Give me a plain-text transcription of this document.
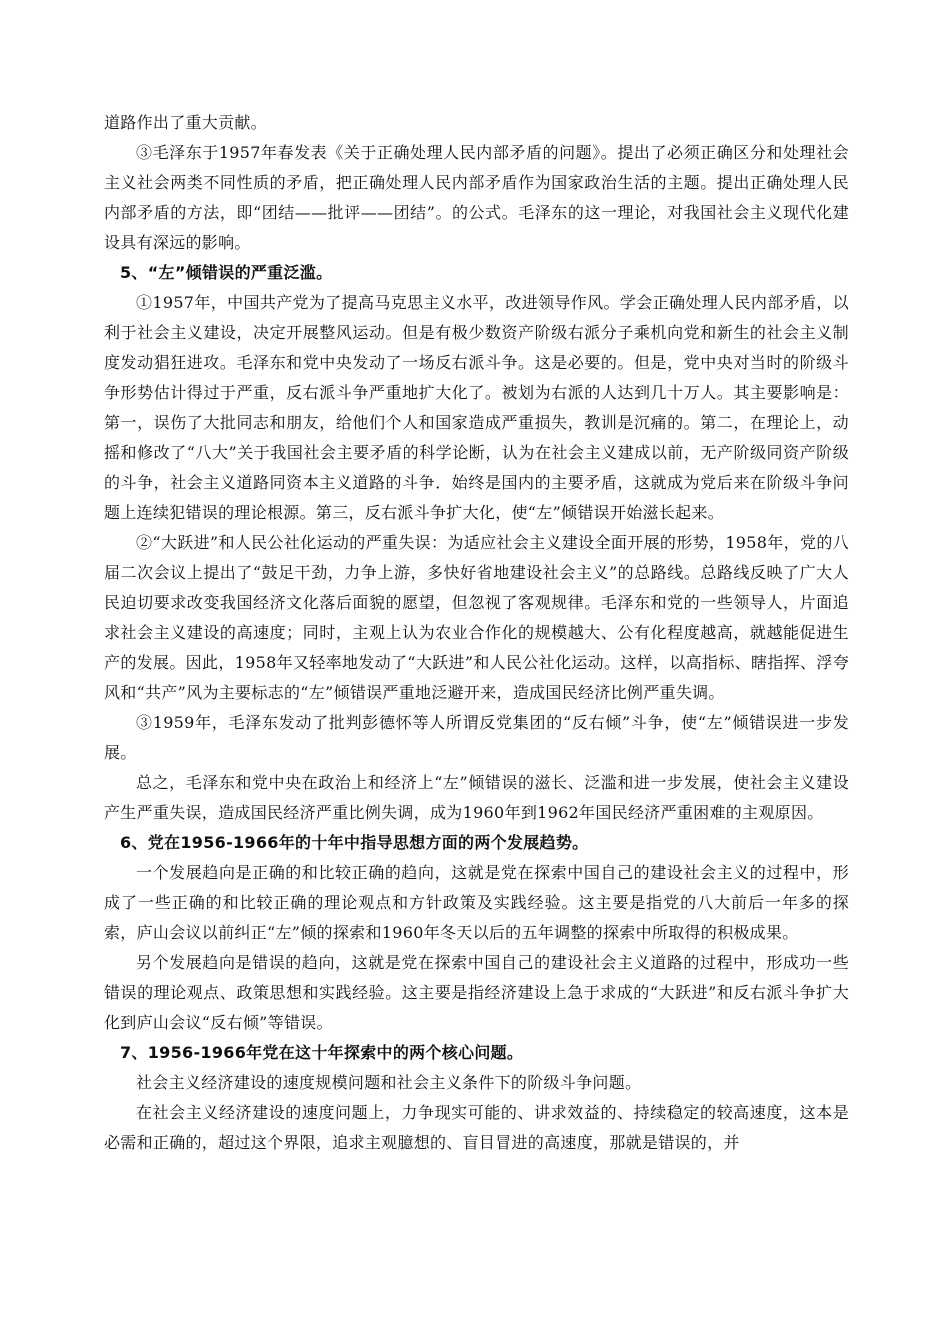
道路作出了重大贡献。

③毛泽东于1957年春发表《关于正确处理人民内部矛盾的问题》。提出了必须正确区分和处理社会主义社会两类不同性质的矛盾，把正确处理人民内部矛盾作为国家政治生活的主题。提出正确处理人民内部矛盾的方法，即“团结——批评——团结”。的公式。毛泽东的这一理论，对我国社会主义现代化建设具有深远的影响。

5、“左”倾错误的严重泛滥。

①1957年，中国共产党为了提高马克思主义水平，改进领导作风。学会正确处理人民内部矛盾，以利于社会主义建设，决定开展整风运动。但是有极少数资产阶级右派分子乘机向党和新生的社会主义制度发动猖狂进攻。毛泽东和党中央发动了一场反右派斗争。这是必要的。但是，党中央对当时的阶级斗争形势估计得过于严重，反右派斗争严重地扩大化了。被划为右派的人达到几十万人。其主要影响是：第一，误伤了大批同志和朋友，给他们个人和国家造成严重损失，教训是沉痛的。第二，在理论上，动摇和修改了“八大”关于我国社会主要矛盾的科学论断，认为在社会主义建成以前，无产阶级同资产阶级的斗争，社会主义道路同资本主义道路的斗争．始终是国内的主要矛盾，这就成为党后来在阶级斗争问题上连续犯错误的理论根源。第三，反右派斗争扩大化，使“左”倾错误开始滋长起来。

②“大跃进”和人民公社化运动的严重失误：为适应社会主义建设全面开展的形势，1958年，党的八届二次会议上提出了“鼓足干劲，力争上游，多快好省地建设社会主义”的总路线。总路线反映了广大人民迫切要求改变我国经济文化落后面貌的愿望，但忽视了客观规律。毛泽东和党的一些领导人，片面追求社会主义建设的高速度；同时，主观上认为农业合作化的规模越大、公有化程度越高，就越能促进生产的发展。因此，1958年又轻率地发动了“大跃进”和人民公社化运动。这样，以高指标、瞎指挥、浮夸风和“共产”风为主要标志的“左”倾错误严重地泛避开来，造成国民经济比例严重失调。

③1959年，毛泽东发动了批判彭德怀等人所谓反党集团的“反右倾”斗争，使“左”倾错误进一步发展。

总之，毛泽东和党中央在政治上和经济上“左”倾错误的滋长、泛滥和进一步发展，使社会主义建设产生严重失误，造成国民经济严重比例失调，成为1960年到1962年国民经济严重困难的主观原因。

6、党在1956-1966年的十年中指导思想方面的两个发展趋势。

一个发展趋向是正确的和比较正确的趋向，这就是党在探索中国自己的建设社会主义的过程中，形成了一些正确的和比较正确的理论观点和方针政策及实践经验。这主要是指党的八大前后一年多的探索，庐山会议以前纠正“左”倾的探索和1960年冬天以后的五年调整的探索中所取得的积极成果。

另个发展趋向是错误的趋向，这就是党在探索中国自己的建设社会主义道路的过程中，形成功一些错误的理论观点、政策思想和实践经验。这主要是指经济建设上急于求成的“大跃进”和反右派斗争扩大化到庐山会议“反右倾”等错误。

7、1956-1966年党在这十年探索中的两个核心问题。

社会主义经济建设的速度规模问题和社会主义条件下的阶级斗争问题。

在社会主义经济建设的速度问题上，力争现实可能的、讲求效益的、持续稳定的较高速度，这本是必需和正确的，超过这个界限，追求主观臆想的、盲目冒进的高速度，那就是错误的，并
